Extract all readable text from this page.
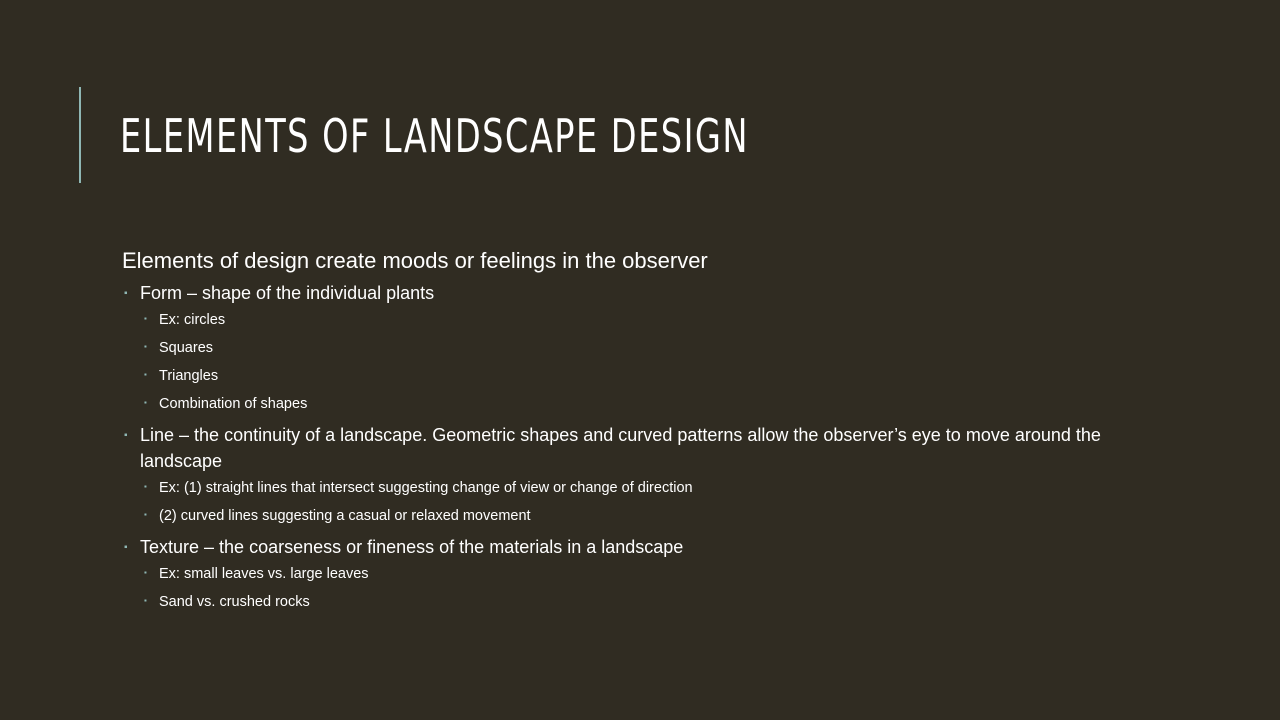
ELEMENTS OF LANDSCAPE DESIGN
Elements of design create moods or feelings in the observer
▪ Form – shape of the individual plants
▪ Ex: circles
▪ Squares
▪ Triangles
▪ Combination of shapes
▪ Line – the continuity of a landscape. Geometric shapes and curved patterns allow the observer’s eye to move around the landscape
▪ Ex: (1) straight lines that intersect suggesting change of view or change of direction
▪ (2) curved lines suggesting a casual or relaxed movement
▪ Texture – the coarseness or fineness of the materials in a landscape
▪ Ex: small leaves vs. large leaves
▪ Sand vs. crushed rocks
